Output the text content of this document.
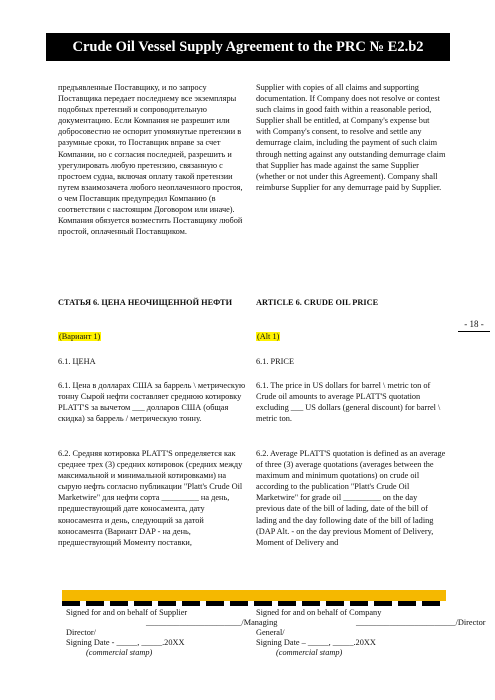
Crude Oil Vessel Supply Agreement to the PRC № E2.b2
- 18 -
предъявленные Поставщику, и по запросу Поставщика передает последнему все экземпляры подобных претензий и сопроводительную документацию. Если Компания не разрешит или добросовестно не оспорит упомянутые претензии в разумные сроки, то Поставщик вправе за счет Компании, но с согласия последней, разрешить и урегулировать любую претензию, связанную с простоем судна, включая оплату такой претензии путем взаимозачета любого неоплаченного простоя, о чем Поставщик предупредил Компанию (в соответствии с настоящим Договором или иначе). Компания обязуется возместить Поставщику любой простой, оплаченный Поставщиком.
СТАТЬЯ 6. ЦЕНА НЕОЧИЩЕННОЙ НЕФТИ
(Вариант 1)
6.1. ЦЕНА
6.1. Цена в долларах США за баррель \ метрическую тонну Сырой нефти составляет среднюю котировку PLATT'S за вычетом ___ долларов США (общая скидка) за баррель / метрическую тонну.
6.2. Средняя котировка PLATT'S определяется как среднее трех (3) средних котировок (средних между максимальной и минимальной котировками) на сырую нефть согласно публикации "Platt's Crude Oil Marketwire" для нефти сорта _________ на день, предшествующий дате коносамента, дату коносамента и день, следующий за датой коносамента (Вариант DAP - на день, предшествующий Моменту поставки,
Supplier with copies of all claims and supporting documentation. If Company does not resolve or contest such claims in good faith within a reasonable period, Supplier shall be entitled, at Company's expense but with Company's consent, to resolve and settle any demurrage claim, including the payment of such claim through netting against any outstanding demurrage claim that Supplier has made against the same Supplier (whether or not under this Agreement). Company shall reimburse Supplier for any demurrage paid by Supplier.
ARTICLE 6. CRUDE OIL PRICE
(Alt 1)
6.1. PRICE
6.1. The price in US dollars for barrel \ metric ton of Crude oil amounts to average PLATT'S quotation excluding ___ US dollars (general discount) for barrel \ metric ton.
6.2. Average PLATT'S quotation is defined as an average of three (3) average quotations (averages between the maximum and minimum quotations) on crude oil according to the publication "Platt's Crude Oil Marketwire" for grade oil _________ on the day previous date of the bill of lading, date of the bill of lading and the day following date of the bill of lading (DAP Alt. - on the day previous Moment of Delivery, Moment of Delivery and
Signed for and on behalf of Supplier
_______________________/Managing
Director/
Signing Date - _____, _____.20XX
(commercial stamp)
Signed for and on behalf of Company
________________________/Director
General/
Signing Date – _____, _____.20XX
(commercial stamp)
